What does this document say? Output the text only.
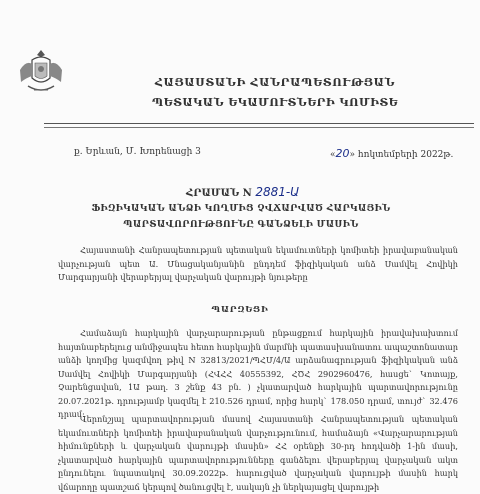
ՀԱՅԱՍՏԱՆԻ ՀԱՆՐԱՊԵՏՈՒԹՅԱՆ
ՊԵՏԱԿԱՆ ԵԿԱՄՈՒՏՆԵՐԻ ԿՈՄԻՏԵ
ք. Երևան, Մ. Խորենացի 3	«20» հոկտեմբերի 2022թ.
ՀՐԱՄԱՆ N 2881-Ա
ՖԻԶԻԿԱԿԱՆ ԱՆՁԻ ԿՈՂՄԻՑ ՉՎՃԱՐՎԱԾ ՀԱՐԿԱՅԻՆ
ՊԱՐՏԱՎՈՐՈՒԹՅՈՒՆԸ ԳԱՆՁԵԼԻ ՄԱՍԻՆ
Հայաստանի Հանրապետության պետական եկամուտների կոմիտեի իրավաբանական վարչության պետ Ա. Մնացականյանին ընդդեմ ֆիզիկական անձ Սամվել Հովիկի Մարգարյանի վերաբերյալ վարչական վարույթի նյութերը
ՊԱՐԶԵՑԻ
Համաձայն հարկային վարչարարության ընթացքում հարկային իրավախախտում հայտնաբերելուց անմիջապես հետո հարկային մարմնի պատասխանատու ապաշտոնատար անձի կողմից կազմվող թիվ N 32813/2021/ՊՀՄ/4/Ա արձանագրության ֆիզիկական անձ Սամվել Հովիկի Մարգարյանի (ՀՎՀՀ 40555392, ՀԾՀ 2902960476, հասցե` Կոտայք, Չարենցավան, 1Ա թաղ. 3 շենք 43 բն. ) չկատարված հարկային պարտավորությունը 20.07.2021թ. դրությամբ կազմել է 210.526 դրամ, որից հարկ` 178.050 դրամ, տույժ` 32.476 դրամ:
Վերոնշյալ պարտավորության մասով Հայաստանի Հանրապետության պետական եկամուտների կոմիտեի իրավաբանական վարչությունում, համաձայն «Վարչարարության հիմունքների և վարչական վարույթի մասին» ՀՀ օրենքի 30-րդ հոդվածի 1-ին մասի, չկատարված հարկային պարտավորությունները գանձելու վերաբերյալ վարչական ակտ ընդունելու նպատակով 30.09.2022թ. հարուցված վարչական վարույթի մասին հարկ վճարողը պատշաճ կերպով ծանուցվել է, սակայն չի ներկայացել վարույթի
